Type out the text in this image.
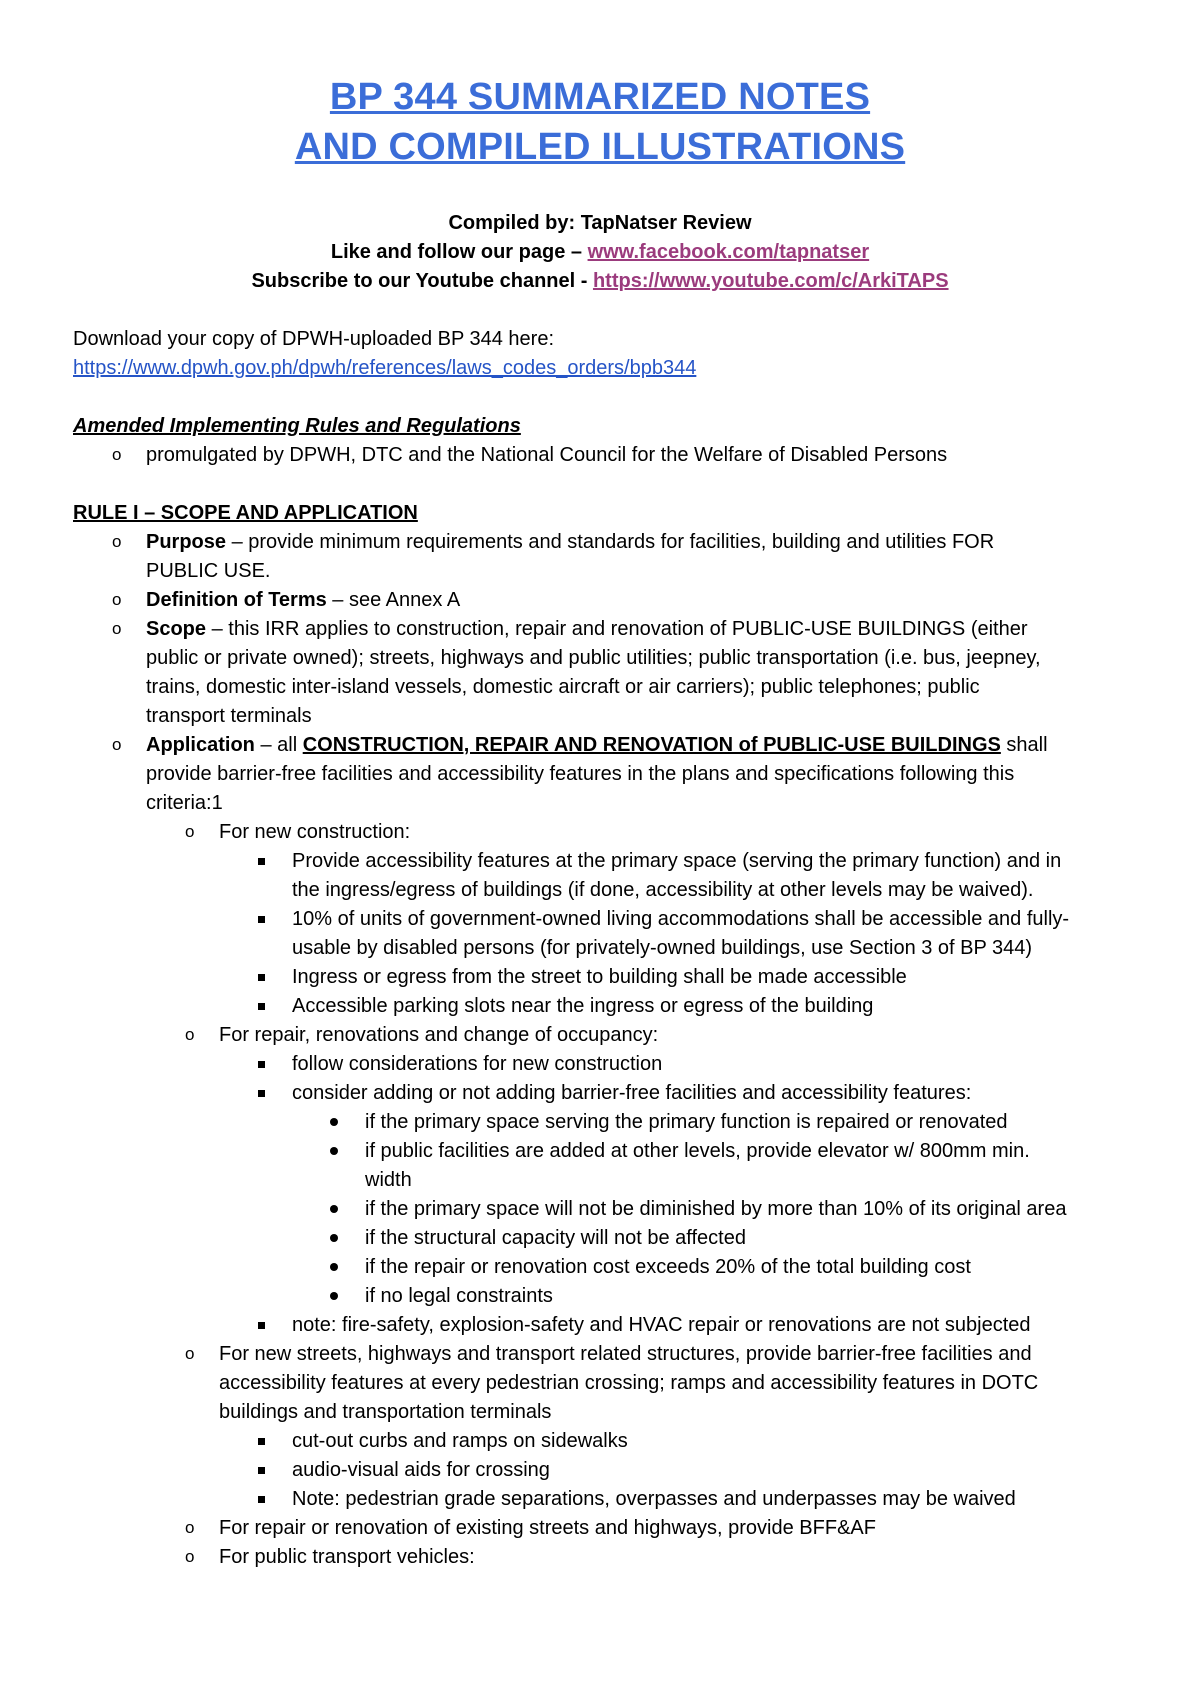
BP 344 SUMMARIZED NOTES
AND COMPILED ILLUSTRATIONS
Compiled by: TapNatser Review
Like and follow our page – www.facebook.com/tapnatser
Subscribe to our Youtube channel - https://www.youtube.com/c/ArkiTAPS
Download your copy of DPWH-uploaded BP 344 here:
https://www.dpwh.gov.ph/dpwh/references/laws_codes_orders/bpb344
Amended Implementing Rules and Regulations
o promulgated by DPWH, DTC and the National Council for the Welfare of Disabled Persons
RULE I – SCOPE AND APPLICATION
o Purpose – provide minimum requirements and standards for facilities, building and utilities FOR
PUBLIC USE.
o Definition of Terms – see Annex A
o Scope – this IRR applies to construction, repair and renovation of PUBLIC-USE BUILDINGS (either
public or private owned); streets, highways and public utilities; public transportation (i.e. bus, jeepney,
trains, domestic inter-island vessels, domestic aircraft or air carriers); public telephones; public
transport terminals
o Application – all CONSTRUCTION, REPAIR AND RENOVATION of PUBLIC-USE BUILDINGS shall
provide barrier-free facilities and accessibility features in the plans and specifications following this
criteria:1
o For new construction:
Provide accessibility features at the primary space (serving the primary function) and in
the ingress/egress of buildings (if done, accessibility at other levels may be waived).
10% of units of government-owned living accommodations shall be accessible and fully-
usable by disabled persons (for privately-owned buildings, use Section 3 of BP 344)
Ingress or egress from the street to building shall be made accessible
Accessible parking slots near the ingress or egress of the building
o For repair, renovations and change of occupancy:
follow considerations for new construction
consider adding or not adding barrier-free facilities and accessibility features:
if the primary space serving the primary function is repaired or renovated
if public facilities are added at other levels, provide elevator w/ 800mm min.
width
if the primary space will not be diminished by more than 10% of its original area
if the structural capacity will not be affected
if the repair or renovation cost exceeds 20% of the total building cost
if no legal constraints
note: fire-safety, explosion-safety and HVAC repair or renovations are not subjected
o For new streets, highways and transport related structures, provide barrier-free facilities and
accessibility features at every pedestrian crossing; ramps and accessibility features in DOTC
buildings and transportation terminals
cut-out curbs and ramps on sidewalks
audio-visual aids for crossing
Note: pedestrian grade separations, overpasses and underpasses may be waived
o For repair or renovation of existing streets and highways, provide BFF&AF
o For public transport vehicles:
